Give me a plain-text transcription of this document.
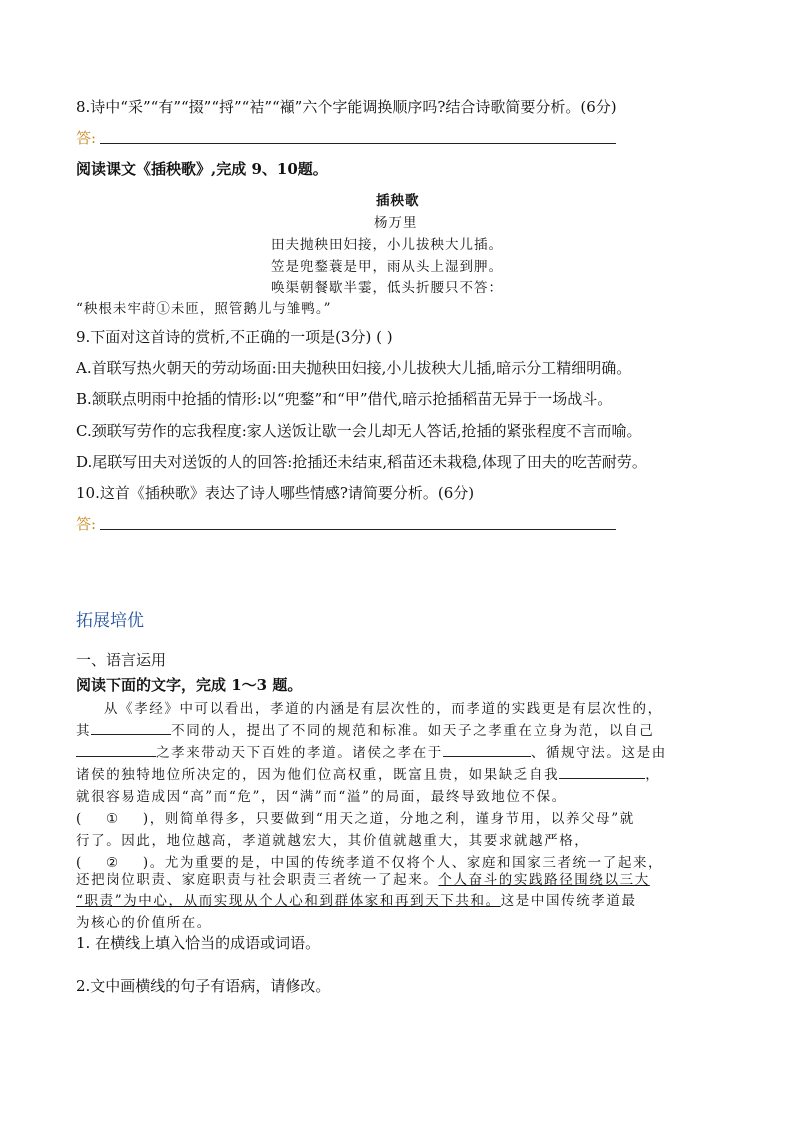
8.诗中“采”“有”“掇”“捋”“袺”“襭”六个字能调换顺序吗?结合诗歌简要分析。(6分)
答:
阅读课文《插秧歌》,完成 9、10题。
插秧歌
杨万里
田夫抛秧田妇接，小儿拔秧大儿插。
笠是兜鍪蓑是甲，雨从头上湿到胛。
唤渠朝餐歇半霎，低头折腰只不答：
“秧根未牢莳①未匝，照管鹅儿与雏鸭。”
9.下面对这首诗的赏析,不正确的一项是(3分) ( )
A.首联写热火朝天的劳动场面:田夫抛秧田妇接,小儿拔秧大儿插,暗示分工精细明确。
B.颔联点明雨中抢插的情形:以“兜鍪”和“甲”借代,暗示抢插稻苗无异于一场战斗。
C.颈联写劳作的忘我程度:家人送饭让歇一会儿却无人答话,抢插的紧张程度不言而喻。
D.尾联写田夫对送饭的人的回答:抢插还未结束,稻苗还未栽稳,体现了田夫的吃苦耐劳。
10.这首《插秧歌》表达了诗人哪些情感?请简要分析。(6分)
答:
拓展培优
一、语言运用
阅读下面的文字，完成 1～3 题。
从《孝经》中可以看出，孝道的内涵是有层次性的，而孝道的实践更是有层次性的，
其	不同的人，提出了不同的规范和标准。如天子之孝重在立身为范，以自己
之孝来带动天下百姓的孝道。诸侯之孝在于	、循规守法。这是由
诸侯的独特地位所决定的，因为他们位高权重，既富且贵，如果缺乏自我	，
就很容易造成因“高”而“危”，因“满”而“溢”的局面，最终导致地位不保。
( ① )，则简单得多，只要做到“用天之道，分地之利，谨身节用，以养父母”就
行了。因此，地位越高，孝道就越宏大，其价值就越重大，其要求就越严格，
( ② )。尤为重要的是，中国的传统孝道不仅将个人、家庭和国家三者统一了起来，
还把岗位职责、家庭职责与社会职责三者统一了起来。个人奋斗的实践路径围绕以三大
“职责”为中心，从而实现从个人心和到群体家和再到天下共和。这是中国传统孝道最
为核心的价值所在。
1. 在横线上填入恰当的成语或词语。
2.文中画横线的句子有语病，请修改。
